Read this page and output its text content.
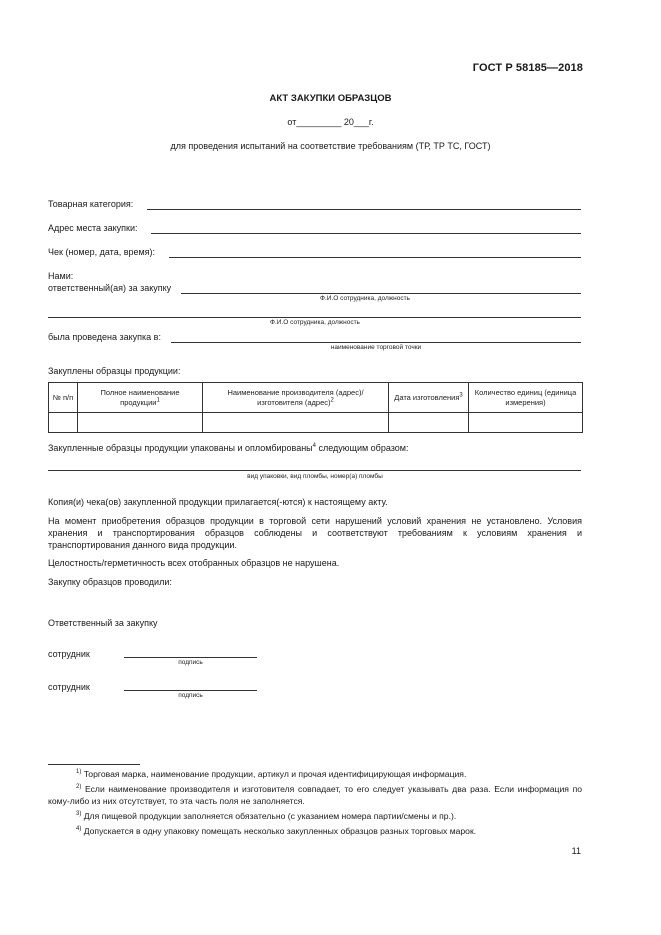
ГОСТ Р 58185—2018
АКТ ЗАКУПКИ ОБРАЗЦОВ
от_________ 20___г.
для проведения испытаний на соответствие требованиям (ТР, ТР ТС, ГОСТ)
Товарная категория:
Адрес места закупки:
Чек (номер, дата, время):
Нами:
ответственный(ая) за закупку
Ф.И.О сотрудника, должность
Ф.И.О сотрудника, должность
была проведена закупка в:
наименование торговой точки
Закуплены образцы продукции:
№ п/п	Полное наименование продукции$^1$	Наименование производителя (адрес)/ изготовителя (адрес)$^2$	Дата изготовления$^3$	Количество единиц (единица измерения)

Закупленные образцы продукции упакованы и опломбированы$^4$ следующим образом:
вид упаковки, вид пломбы, номер(а) пломбы
Копия(и) чека(ов) закупленной продукции прилагается(-ются) к настоящему акту.
На момент приобретения образцов продукции в торговой сети нарушений условий хранения не установлено. Условия хранения и транспортирования образцов соблюдены и соответствуют требованиям к условиям хранения и транспортирования данного вида продукции.
Целостность/герметичность всех отобранных образцов не нарушена.
Закупку образцов проводили:
Ответственный за закупку
сотрудник
подпись
сотрудник
подпись
$^{1)}$ Торговая марка, наименование продукции, артикул и прочая идентифицирующая информация.
$^{2)}$ Если наименование производителя и изготовителя совпадает, то его следует указывать два раза. Если информация по кому-либо из них отсутствует, то эта часть поля не заполняется.
$^{3)}$ Для пищевой продукции заполняется обязательно (с указанием номера партии/смены и пр.).
$^{4)}$ Допускается в одну упаковку помещать несколько закупленных образцов разных торговых марок.
11
